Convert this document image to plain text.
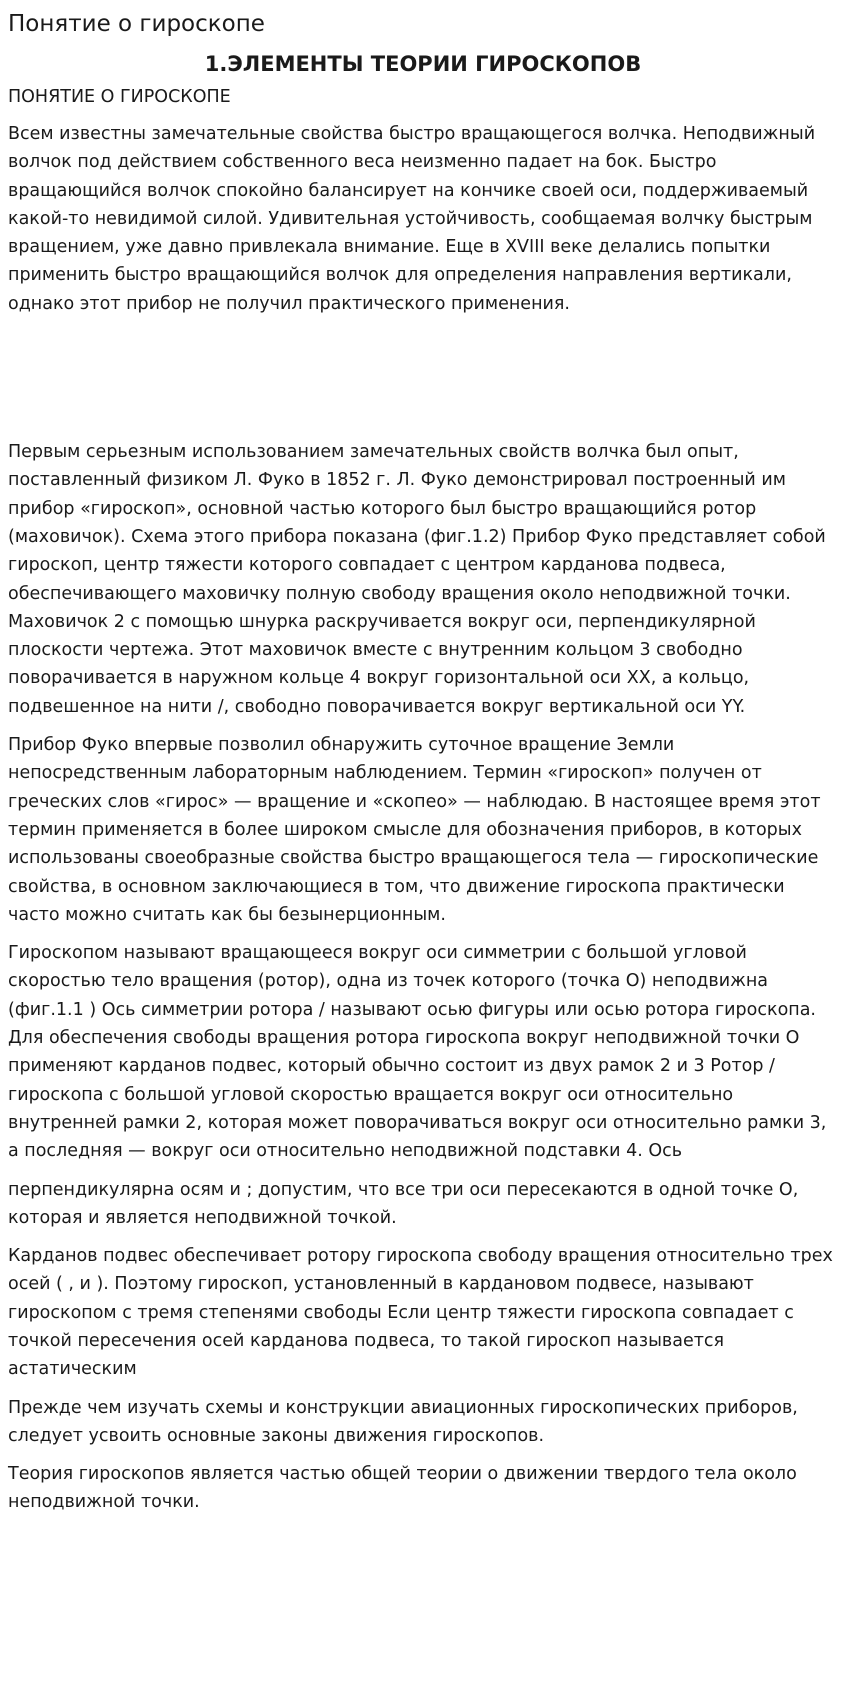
Понятие о гироскопе
1.ЭЛЕМЕНТЫ ТЕОРИИ ГИРОСКОПОВ
ПОНЯТИЕ О ГИРОСКОПЕ

Всем известны замечательные свойства быстро вращающегося волчка. Неподвижный волчок под действием собственного веса неизменно падает на бок. Быстро вращающийся волчок спокойно балансирует на кончике своей оси, поддерживаемый какой-то невидимой силой. Удивительная устойчивость, сообщаемая волчку быстрым вращением, уже давно привлекала внимание. Еще в XVIII веке делались попытки применить быстро вращающийся волчок для определения направления вертикали, однако этот прибор не получил практического применения.

Первым серьезным использованием замечательных свойств волчка был опыт, поставленный физиком Л. Фуко в 1852 г. Л. Фуко демонстрировал построенный им прибор «гироскоп», основной частью которого был быстро вращающийся ротор (маховичок). Схема этого прибора показана (фиг.1.2) Прибор Фуко представляет собой гироскоп, центр тяжести которого совпадает с центром карданова подвеса, обеспечивающего маховичку полную свободу вращения около неподвижной точки. Маховичок 2 с помощью шнурка раскручивается вокруг оси, перпендикулярной плоскости чертежа. Этот маховичок вместе с внутренним кольцом 3 свободно поворачивается в наружном кольце 4 вокруг горизонтальной оси XX, а кольцо, подвешенное на нити /, свободно поворачивается вокруг вертикальной оси YY.

Прибор Фуко впервые позволил обнаружить суточное вращение Земли непосредственным лабораторным наблюдением. Термин «гироскоп» получен от греческих слов «гирос» — вращение и «скопео» — наблюдаю. В настоящее время этот термин применяется в более широком смысле для обозначения приборов, в которых использованы своеобразные свойства быстро вращающегося тела — гироскопические свойства, в основном заключающиеся в том, что движение гироскопа практически часто можно считать как бы безынерционным.

Гироскопом называют вращающееся вокруг оси симметрии с большой угловой скоростью тело вращения (ротор), одна из точек которого (точка О) неподвижна (фиг.1.1 ) Ось симметрии ротора / называют осью фигуры или осью ротора гироскопа. Для обеспечения свободы вращения ротора гироскопа вокруг неподвижной точки О применяют карданов подвес, который обычно состоит из двух рамок 2 и 3 Ротор / гироскопа с большой угловой скоростью вращается вокруг оси относительно внутренней рамки 2, которая может поворачиваться вокруг оси относительно рамки 3, а последняя — вокруг оси относительно неподвижной подставки 4. Ось

перпендикулярна осям и ; допустим, что все три оси пересекаются в одной точке О, которая и является неподвижной точкой.

Карданов подвес обеспечивает ротору гироскопа свободу вращения относительно трех осей ( , и ). Поэтому гироскоп, установленный в кардановом подвесе, называют гироскопом с тремя степенями свободы Если центр тяжести гироскопа совпадает с точкой пересечения осей карданова подвеса, то такой гироскоп называется астатическим

Прежде чем изучать схемы и конструкции авиационных гироскопических приборов, следует усвоить основные законы движения гироскопов.

Теория гироскопов является частью общей теории о движении твердого тела около неподвижной точки.
